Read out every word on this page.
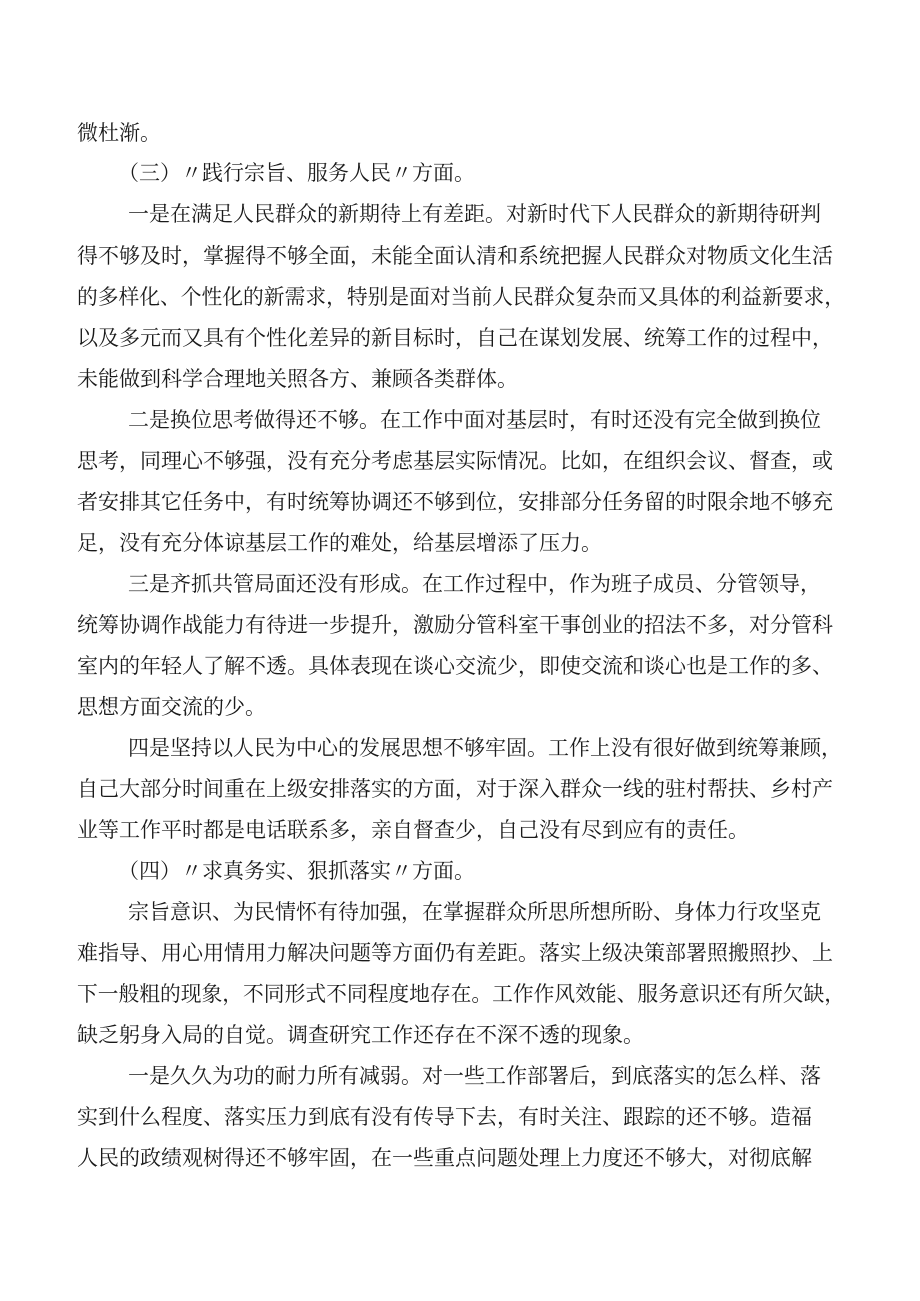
微杜渐。
（三）〃践行宗旨、服务人民〃方面。
一是在满足人民群众的新期待上有差距。对新时代下人民群众的新期待研判
得不够及时，掌握得不够全面，未能全面认清和系统把握人民群众对物质文化生活
的多样化、个性化的新需求，特别是面对当前人民群众复杂而又具体的利益新要求，
以及多元而又具有个性化差异的新目标时，自己在谋划发展、统筹工作的过程中，
未能做到科学合理地关照各方、兼顾各类群体。
二是换位思考做得还不够。在工作中面对基层时，有时还没有完全做到换位
思考，同理心不够强，没有充分考虑基层实际情况。比如，在组织会议、督查，或
者安排其它任务中，有时统筹协调还不够到位，安排部分任务留的时限余地不够充
足，没有充分体谅基层工作的难处，给基层增添了压力。
三是齐抓共管局面还没有形成。在工作过程中，作为班子成员、分管领导，
统筹协调作战能力有待进一步提升，激励分管科室干事创业的招法不多，对分管科
室内的年轻人了解不透。具体表现在谈心交流少，即使交流和谈心也是工作的多、
思想方面交流的少。
四是坚持以人民为中心的发展思想不够牢固。工作上没有很好做到统筹兼顾，
自己大部分时间重在上级安排落实的方面，对于深入群众一线的驻村帮扶、乡村产
业等工作平时都是电话联系多，亲自督查少，自己没有尽到应有的责任。
（四）〃求真务实、狠抓落实〃方面。
宗旨意识、为民情怀有待加强，在掌握群众所思所想所盼、身体力行攻坚克
难指导、用心用情用力解决问题等方面仍有差距。落实上级决策部署照搬照抄、上
下一般粗的现象，不同形式不同程度地存在。工作作风效能、服务意识还有所欠缺，
缺乏躬身入局的自觉。调查研究工作还存在不深不透的现象。
一是久久为功的耐力所有减弱。对一些工作部署后，到底落实的怎么样、落
实到什么程度、落实压力到底有没有传导下去，有时关注、跟踪的还不够。造福
人民的政绩观树得还不够牢固，在一些重点问题处理上力度还不够大，对彻底解
